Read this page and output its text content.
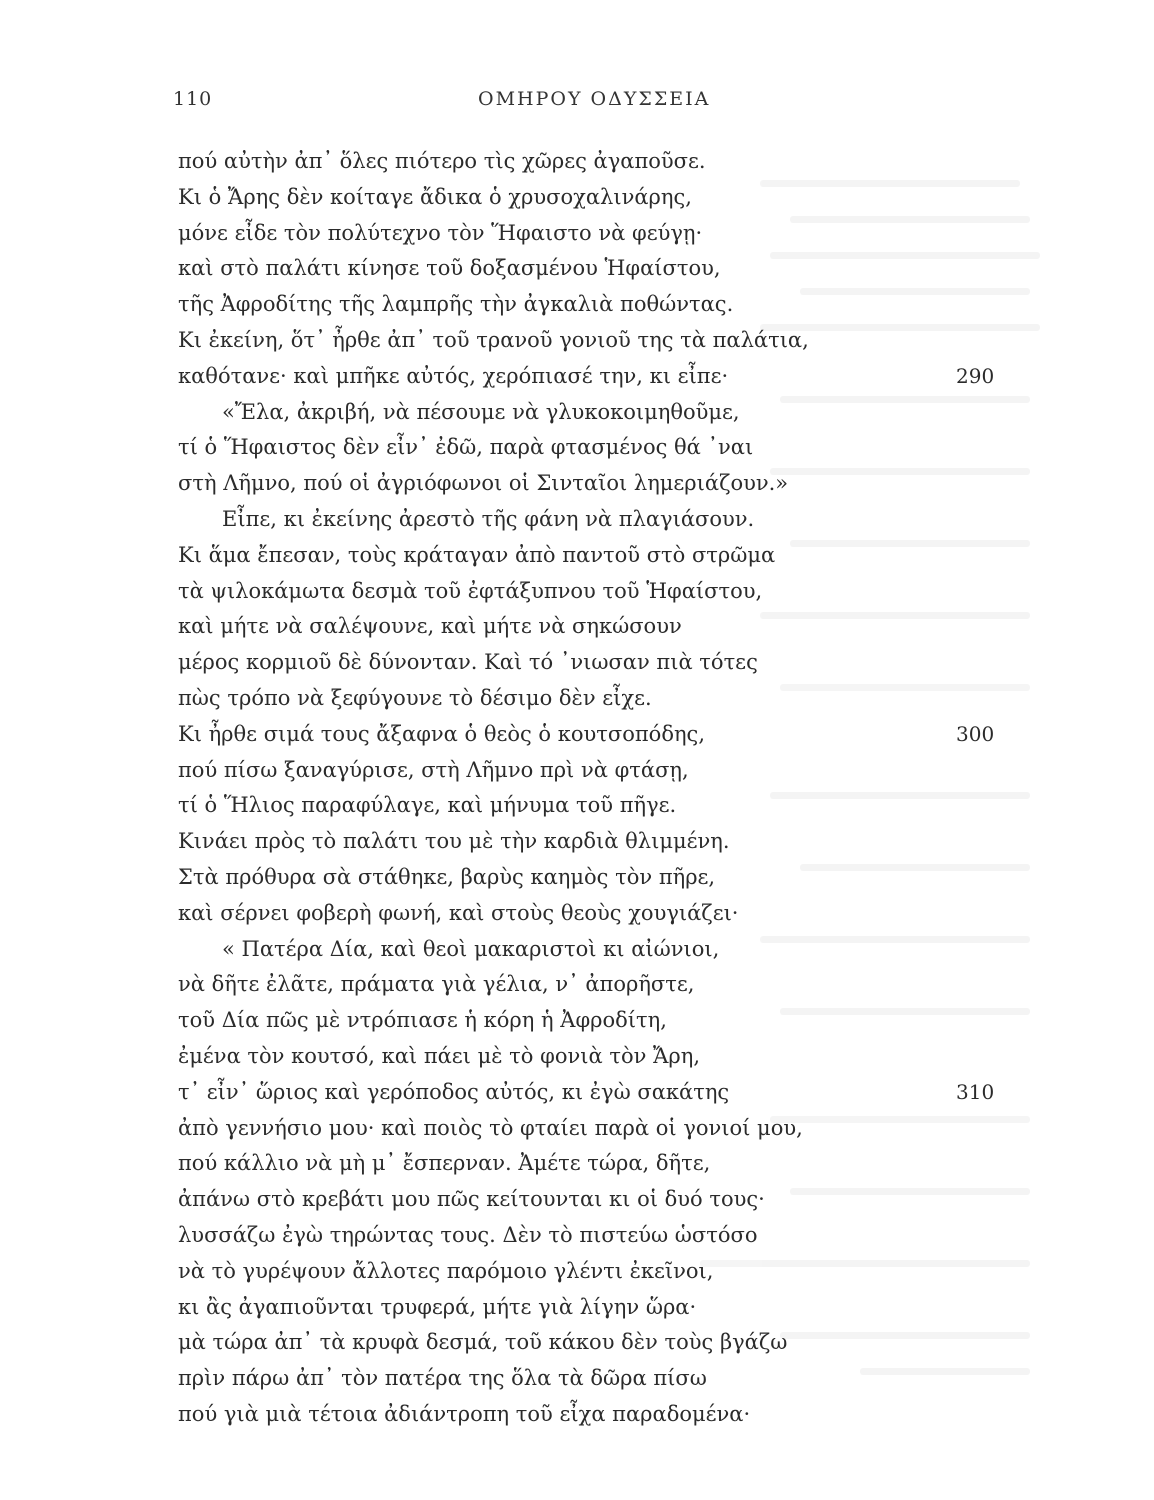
110	ΟΜΗΡΟΥ ΟΔΥΣΣΕΙΑ
πού αὐτὴν ἀπ᾽ ὅλες πιότερο τὶς χῶρες ἀγαποῦσε.
Κι ὁ Ἄρης δὲν κοίταγε ἄδικα ὁ χρυσοχαλινάρης,
μόνε εἶδε τὸν πολύτεχνο τὸν Ἥφαιστο νὰ φεύγῃ·
καὶ στὸ παλάτι κίνησε τοῦ δοξασμένου Ἡφαίστου,
τῆς Ἀφροδίτης τῆς λαμπρῆς τὴν ἀγκαλιὰ ποθώντας.
Κι ἐκείνη, ὅτ᾽ ἦρθε ἀπ᾽ τοῦ τρανοῦ γονιοῦ της τὰ παλάτια,
καθότανε· καὶ μπῆκε αὐτός, χερόπιασέ την, κι εἶπε·	290
«Ἔλα, ἀκριβή, νὰ πέσουμε νὰ γλυκοκοιμηθοῦμε,
τί ὁ Ἥφαιστος δὲν εἶν᾽ ἐδῶ, παρὰ φτασμένος θά ᾽ναι
στὴ Λῆμνο, πού οἱ ἀγριόφωνοι οἱ Σινταῖοι λημεριάζουν.»
Εἶπε, κι ἐκείνης ἀρεστὸ τῆς φάνη νὰ πλαγιάσουν.
Κι ἅμα ἔπεσαν, τοὺς κράταγαν ἀπὸ παντοῦ στὸ στρῶμα
τὰ ψιλοκάμωτα δεσμὰ τοῦ ἐφτάξυπνου τοῦ Ἡφαίστου,
καὶ μήτε νὰ σαλέψουνε, καὶ μήτε νὰ σηκώσουν
μέρος κορμιοῦ δὲ δύνονταν. Καὶ τό ᾽νιωσαν πιὰ τότες
πὼς τρόπο νὰ ξεφύγουνε τὸ δέσιμο δὲν εἶχε.
Κι ἦρθε σιμά τους ἄξαφνα ὁ θεὸς ὁ κουτσοπόδης,	300
πού πίσω ξαναγύρισε, στὴ Λῆμνο πρὶ νὰ φτάσῃ,
τί ὁ Ἥλιος παραφύλαγε, καὶ μήνυμα τοῦ πῆγε.
Κινάει πρὸς τὸ παλάτι του μὲ τὴν καρδιὰ θλιμμένη.
Στὰ πρόθυρα σὰ στάθηκε, βαρὺς καημὸς τὸν πῆρε,
καὶ σέρνει φοβερὴ φωνή, καὶ στοὺς θεοὺς χουγιάζει·
« Πατέρα Δία, καὶ θεοὶ μακαριστοὶ κι αἰώνιοι,
νὰ δῆτε ἐλᾶτε, πράματα γιὰ γέλια, ν᾽ ἀπορῆστε,
τοῦ Δία πῶς μὲ ντρόπιασε ἡ κόρη ἡ Ἀφροδίτη,
ἐμένα τὸν κουτσό, καὶ πάει μὲ τὸ φονιὰ τὸν Ἄρη,
τ᾽ εἶν᾽ ὥριος καὶ γερόποδος αὐτός, κι ἐγὼ σακάτης	310
ἀπὸ γεννήσιο μου· καὶ ποιὸς τὸ φταίει παρὰ οἱ γονιοί μου,
πού κάλλιο νὰ μὴ μ᾽ ἔσπερναν. Ἀμέτε τώρα, δῆτε,
ἀπάνω στὸ κρεβάτι μου πῶς κείτουνται κι οἱ δυό τους·
λυσσάζω ἐγὼ τηρώντας τους. Δὲν τὸ πιστεύω ὡστόσο
νὰ τὸ γυρέψουν ἄλλοτες παρόμοιο γλέντι ἐκεῖνοι,
κι ἂς ἀγαπιοῦνται τρυφερά, μήτε γιὰ λίγην ὥρα·
μὰ τώρα ἀπ᾽ τὰ κρυφὰ δεσμά, τοῦ κάκου δὲν τοὺς βγάζω
πρὶν πάρω ἀπ᾽ τὸν πατέρα της ὅλα τὰ δῶρα πίσω
πού γιὰ μιὰ τέτοια ἀδιάντροπη τοῦ εἶχα παραδομένα·
